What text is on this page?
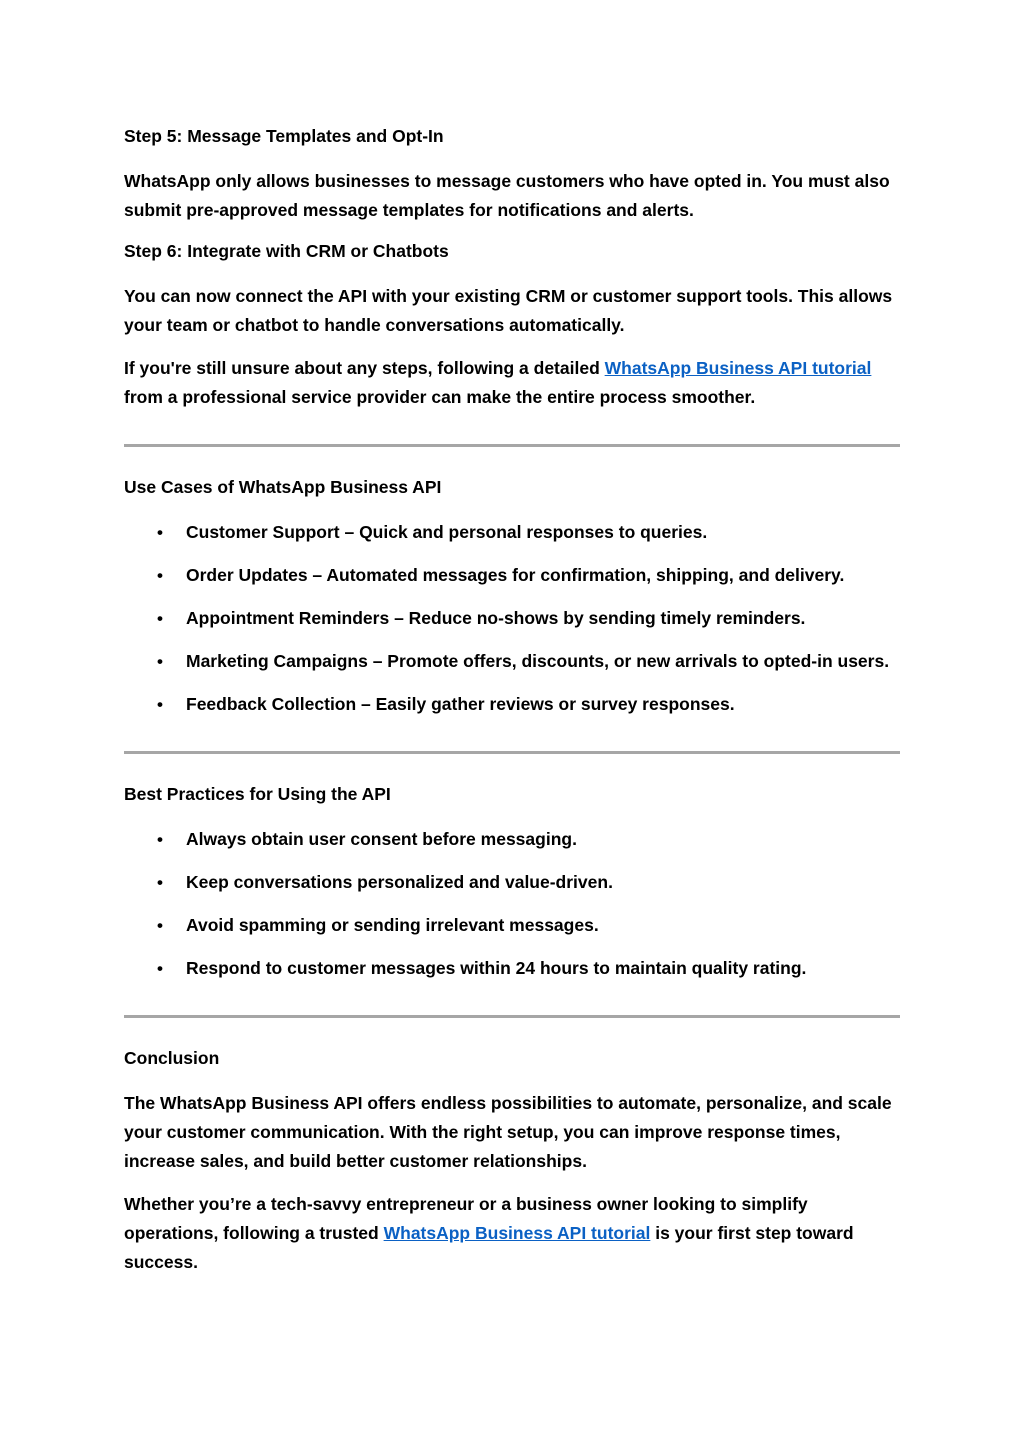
Step 5: Message Templates and Opt-In

WhatsApp only allows businesses to message customers who have opted in. You must also submit pre-approved message templates for notifications and alerts.

Step 6: Integrate with CRM or Chatbots

You can now connect the API with your existing CRM or customer support tools. This allows your team or chatbot to handle conversations automatically.

If you're still unsure about any steps, following a detailed WhatsApp Business API tutorial from a professional service provider can make the entire process smoother.

Use Cases of WhatsApp Business API
• Customer Support – Quick and personal responses to queries.
• Order Updates – Automated messages for confirmation, shipping, and delivery.
• Appointment Reminders – Reduce no-shows by sending timely reminders.
• Marketing Campaigns – Promote offers, discounts, or new arrivals to opted-in users.
• Feedback Collection – Easily gather reviews or survey responses.
Best Practices for Using the API
• Always obtain user consent before messaging.
• Keep conversations personalized and value-driven.
• Avoid spamming or sending irrelevant messages.
• Respond to customer messages within 24 hours to maintain quality rating.
Conclusion

The WhatsApp Business API offers endless possibilities to automate, personalize, and scale your customer communication. With the right setup, you can improve response times, increase sales, and build better customer relationships.

Whether you’re a tech-savvy entrepreneur or a business owner looking to simplify operations, following a trusted WhatsApp Business API tutorial is your first step toward success.
